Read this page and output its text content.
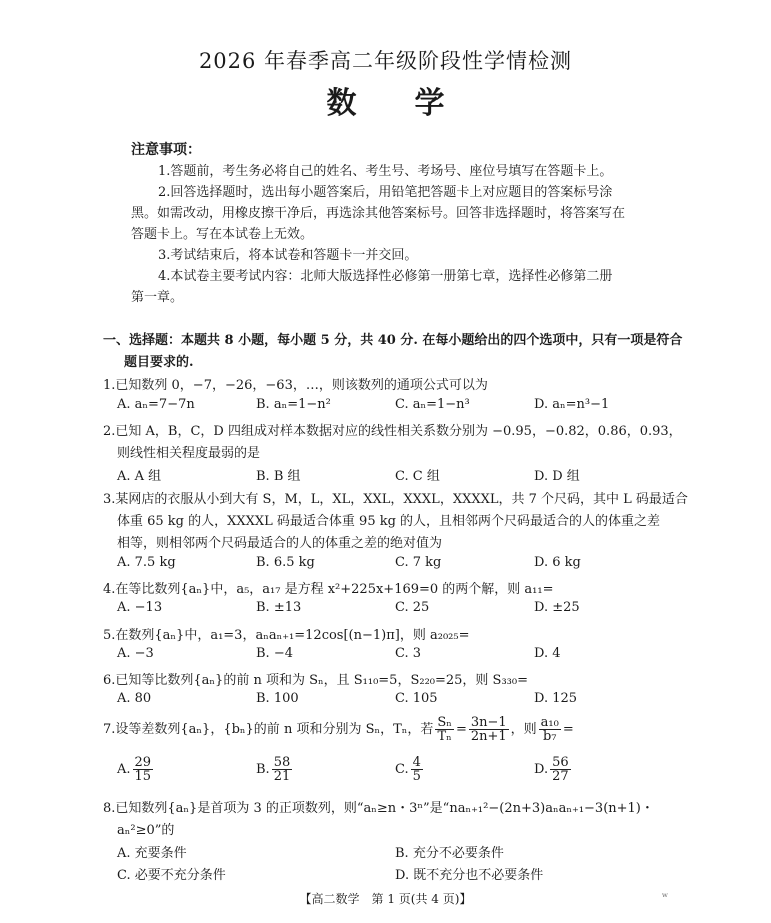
2026 年春季高二年级阶段性学情检测
数学
注意事项：
1.答题前，考生务必将自己的姓名、考生号、考场号、座位号填写在答题卡上。
2.回答选择题时，选出每小题答案后，用铅笔把答题卡上对应题目的答案标号涂
黑。如需改动，用橡皮擦干净后，再选涂其他答案标号。回答非选择题时，将答案写在
答题卡上。写在本试卷上无效。
3.考试结束后，将本试卷和答题卡一并交回。
4.本试卷主要考试内容：北师大版选择性必修第一册第七章，选择性必修第二册
第一章。
一、选择题：本题共 8 小题，每小题 5 分，共 40 分. 在每小题给出的四个选项中，只有一项是符合
题目要求的.
1.已知数列 0，−7，−26，−63，…，则该数列的通项公式可以为
A. aₙ=7−7n	B. aₙ=1−n²	C. aₙ=1−n³	D. aₙ=n³−1
2.已知 A，B，C，D 四组成对样本数据对应的线性相关系数分别为 −0.95，−0.82，0.86，0.93，
则线性相关程度最弱的是
A. A 组	B. B 组	C. C 组	D. D 组
3.某网店的衣服从小到大有 S，M，L，XL，XXL，XXXL，XXXXL，共 7 个尺码，其中 L 码最适合
体重 65 kg 的人，XXXXL 码最适合体重 95 kg 的人，且相邻两个尺码最适合的人的体重之差
相等，则相邻两个尺码最适合的人的体重之差的绝对值为
A. 7.5 kg	B. 6.5 kg	C. 7 kg	D. 6 kg
4.在等比数列{aₙ}中，a₅，a₁₇ 是方程 x²+225x+169=0 的两个解，则 a₁₁=
A. −13	B. ±13	C. 25	D. ±25
5.在数列{aₙ}中，a₁=3，aₙaₙ₊₁=12cos[(n−1)π]，则 a₂₀₂₅=
A. −3	B. −4	C. 3	D. 4
6.已知等比数列{aₙ}的前 n 项和为 Sₙ，且 S₁₁₀=5，S₂₂₀=25，则 S₃₃₀=
A. 80	B. 100	C. 105	D. 125
7.设等差数列{aₙ}，{bₙ}的前 n 项和分别为 Sₙ，Tₙ，若 $\frac{\text{Sₙ}}{\text{Tₙ}} = \frac{3n-1}{2n+1}$ ，则 $\frac{\text{a₁₀}}{\text{b₇}}$ =
A. $\frac{29}{15}$	B. $\frac{58}{21}$	C. $\frac{4}{5}$	D. $\frac{56}{27}$
8.已知数列{aₙ}是首项为 3 的正项数列，则“aₙ≥n・3ⁿ”是“naₙ₊₁²−(2n+3)aₙaₙ₊₁−3(n+1)・
aₙ²≥0”的
A. 充要条件	B. 充分不必要条件
C. 必要不充分条件	D. 既不充分也不必要条件
【高二数学　第 1 页(共 4 页)】	ᵂ
